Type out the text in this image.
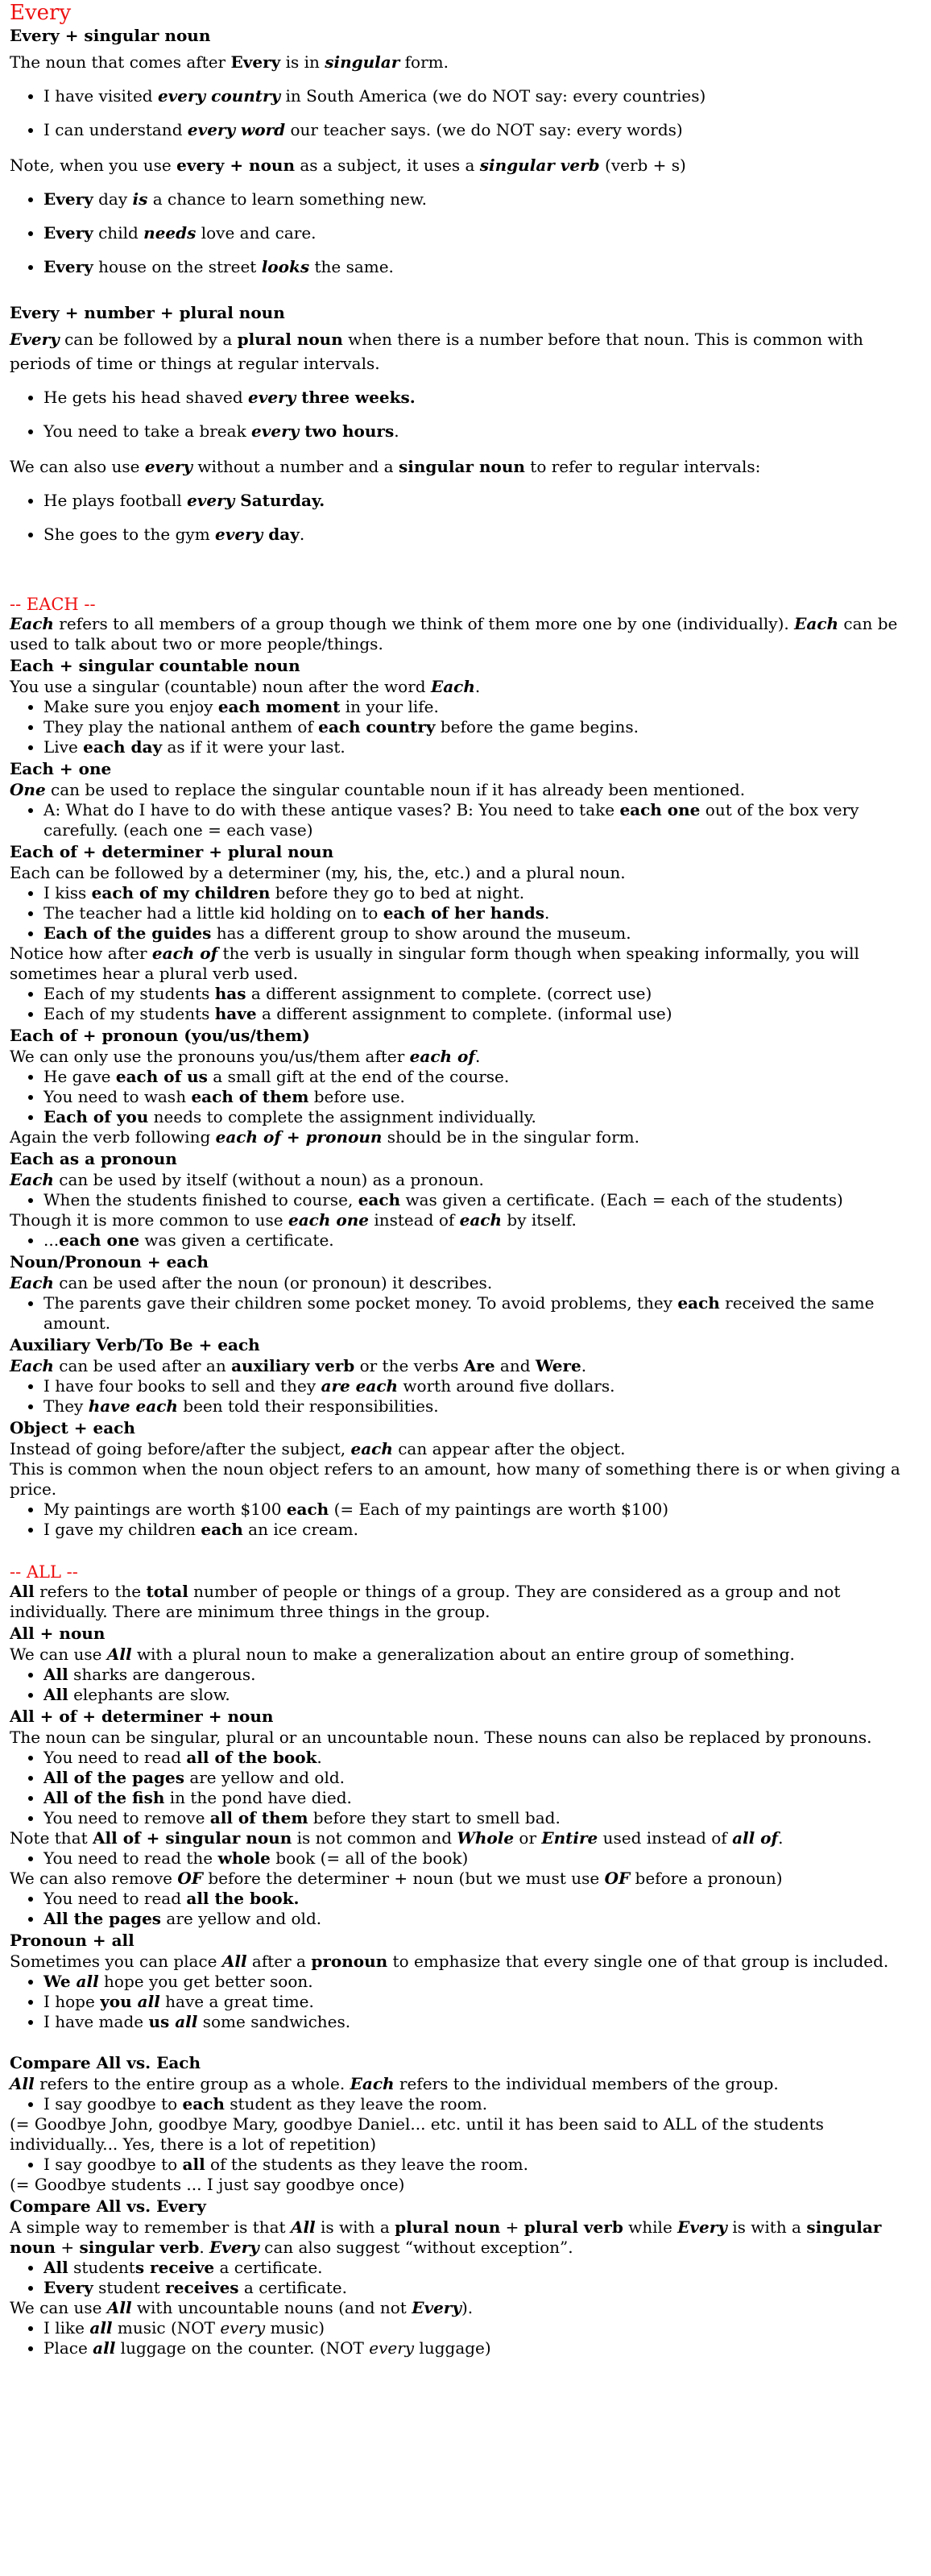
Every
Every + singular noun

The noun that comes after Every is in singular form.

• I have visited every country in South America (we do NOT say: every countries)
• I can understand every word our teacher says. (we do NOT say: every words)

Note, when you use every + noun as a subject, it uses a singular verb (verb + s)

• Every day is a chance to learn something new.
• Every child needs love and care.
• Every house on the street looks the same.
Every + number + plural noun

Every can be followed by a plural noun when there is a number before that noun. This is common with periods of time or things at regular intervals.

• He gets his head shaved every three weeks.
• You need to take a break every two hours.

We can also use every without a number and a singular noun to refer to regular intervals:

• He plays football every Saturday.
• She goes to the gym every day.
-- EACH --

Each refers to all members of a group though we think of them more one by one (individually). Each can be used to talk about two or more people/things.

Each + singular countable noun

You use a singular (countable) noun after the word Each.

• Make sure you enjoy each moment in your life.
• They play the national anthem of each country before the game begins.
• Live each day as if it were your last.
Each + one

One can be used to replace the singular countable noun if it has already been mentioned.

• A: What do I have to do with these antique vases? B: You need to take each one out of the box very carefully. (each one = each vase)
Each of + determiner + plural noun

Each can be followed by a determiner (my, his, the, etc.) and a plural noun.

• I kiss each of my children before they go to bed at night.
• The teacher had a little kid holding on to each of her hands.
• Each of the guides has a different group to show around the museum.

Notice how after each of the verb is usually in singular form though when speaking informally, you will sometimes hear a plural verb used.

• Each of my students has a different assignment to complete. (correct use)
• Each of my students have a different assignment to complete. (informal use)
Each of + pronoun (you/us/them)

We can only use the pronouns you/us/them after each of.

• He gave each of us a small gift at the end of the course.
• You need to wash each of them before use.
• Each of you needs to complete the assignment individually.

Again the verb following each of + pronoun should be in the singular form.

Each as a pronoun

Each can be used by itself (without a noun) as a pronoun.

• When the students finished to course, each was given a certificate. (Each = each of the students)

Though it is more common to use each one instead of each by itself.

• ...each one was given a certificate.
Noun/Pronoun + each

Each can be used after the noun (or pronoun) it describes.

• The parents gave their children some pocket money. To avoid problems, they each received the same amount.
Auxiliary Verb/To Be + each

Each can be used after an auxiliary verb or the verbs Are and Were.

• I have four books to sell and they are each worth around five dollars.
• They have each been told their responsibilities.
Object + each

Instead of going before/after the subject, each can appear after the object.

This is common when the noun object refers to an amount, how many of something there is or when giving a price.

• My paintings are worth $100 each (= Each of my paintings are worth $100)
• I gave my children each an ice cream.
-- ALL --

All refers to the total number of people or things of a group. They are considered as a group and not individually. There are minimum three things in the group.

All + noun

We can use All with a plural noun to make a generalization about an entire group of something.

• All sharks are dangerous.
• All elephants are slow.
All + of + determiner + noun

The noun can be singular, plural or an uncountable noun. These nouns can also be replaced by pronouns.

• You need to read all of the book.
• All of the pages are yellow and old.
• All of the fish in the pond have died.
• You need to remove all of them before they start to smell bad.

Note that All of + singular noun is not common and Whole or Entire used instead of all of.

• You need to read the whole book (= all of the book)

We can also remove OF before the determiner + noun (but we must use OF before a pronoun)

• You need to read all the book.
• All the pages are yellow and old.
Pronoun + all

Sometimes you can place All after a pronoun to emphasize that every single one of that group is included.

• We all hope you get better soon.
• I hope you all have a great time.
• I have made us all some sandwiches.
Compare All vs. Each

All refers to the entire group as a whole. Each refers to the individual members of the group.

• I say goodbye to each student as they leave the room.

(= Goodbye John, goodbye Mary, goodbye Daniel... etc. until it has been said to ALL of the students individually... Yes, there is a lot of repetition)

• I say goodbye to all of the students as they leave the room.

(= Goodbye students ... I just say goodbye once)

Compare All vs. Every

A simple way to remember is that All is with a plural noun + plural verb while Every is with a singular noun + singular verb. Every can also suggest “without exception”.

• All students receive a certificate.
• Every student receives a certificate.

We can use All with uncountable nouns (and not Every).

• I like all music (NOT every music)
• Place all luggage on the counter. (NOT every luggage)
